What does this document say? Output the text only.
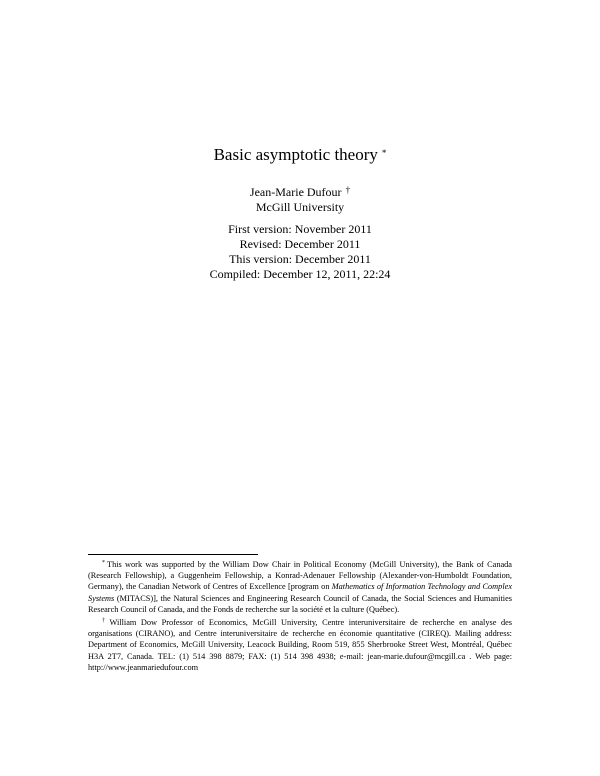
Basic asymptotic theory *
Jean-Marie Dufour †
McGill University
First version: November 2011
Revised: December 2011
This version: December 2011
Compiled: December 12, 2011, 22:24

* This work was supported by the William Dow Chair in Political Economy (McGill University), the Bank of Canada (Research Fellowship), a Guggenheim Fellowship, a Konrad-Adenauer Fellowship (Alexander-von-Humboldt Foundation, Germany), the Canadian Network of Centres of Excellence [program on Mathematics of Information Technology and Complex Systems (MITACS)], the Natural Sciences and Engineering Research Council of Canada, the Social Sciences and Humanities Research Council of Canada, and the Fonds de recherche sur la société et la culture (Québec).

† William Dow Professor of Economics, McGill University, Centre interuniversitaire de recherche en analyse des organisations (CIRANO), and Centre interuniversitaire de recherche en économie quantitative (CIREQ). Mailing address: Department of Economics, McGill University, Leacock Building, Room 519, 855 Sherbrooke Street West, Montréal, Québec H3A 2T7, Canada. TEL: (1) 514 398 8879; FAX: (1) 514 398 4938; e-mail: jean-marie.dufour@mcgill.ca . Web page: http://www.jeanmariedufour.com
